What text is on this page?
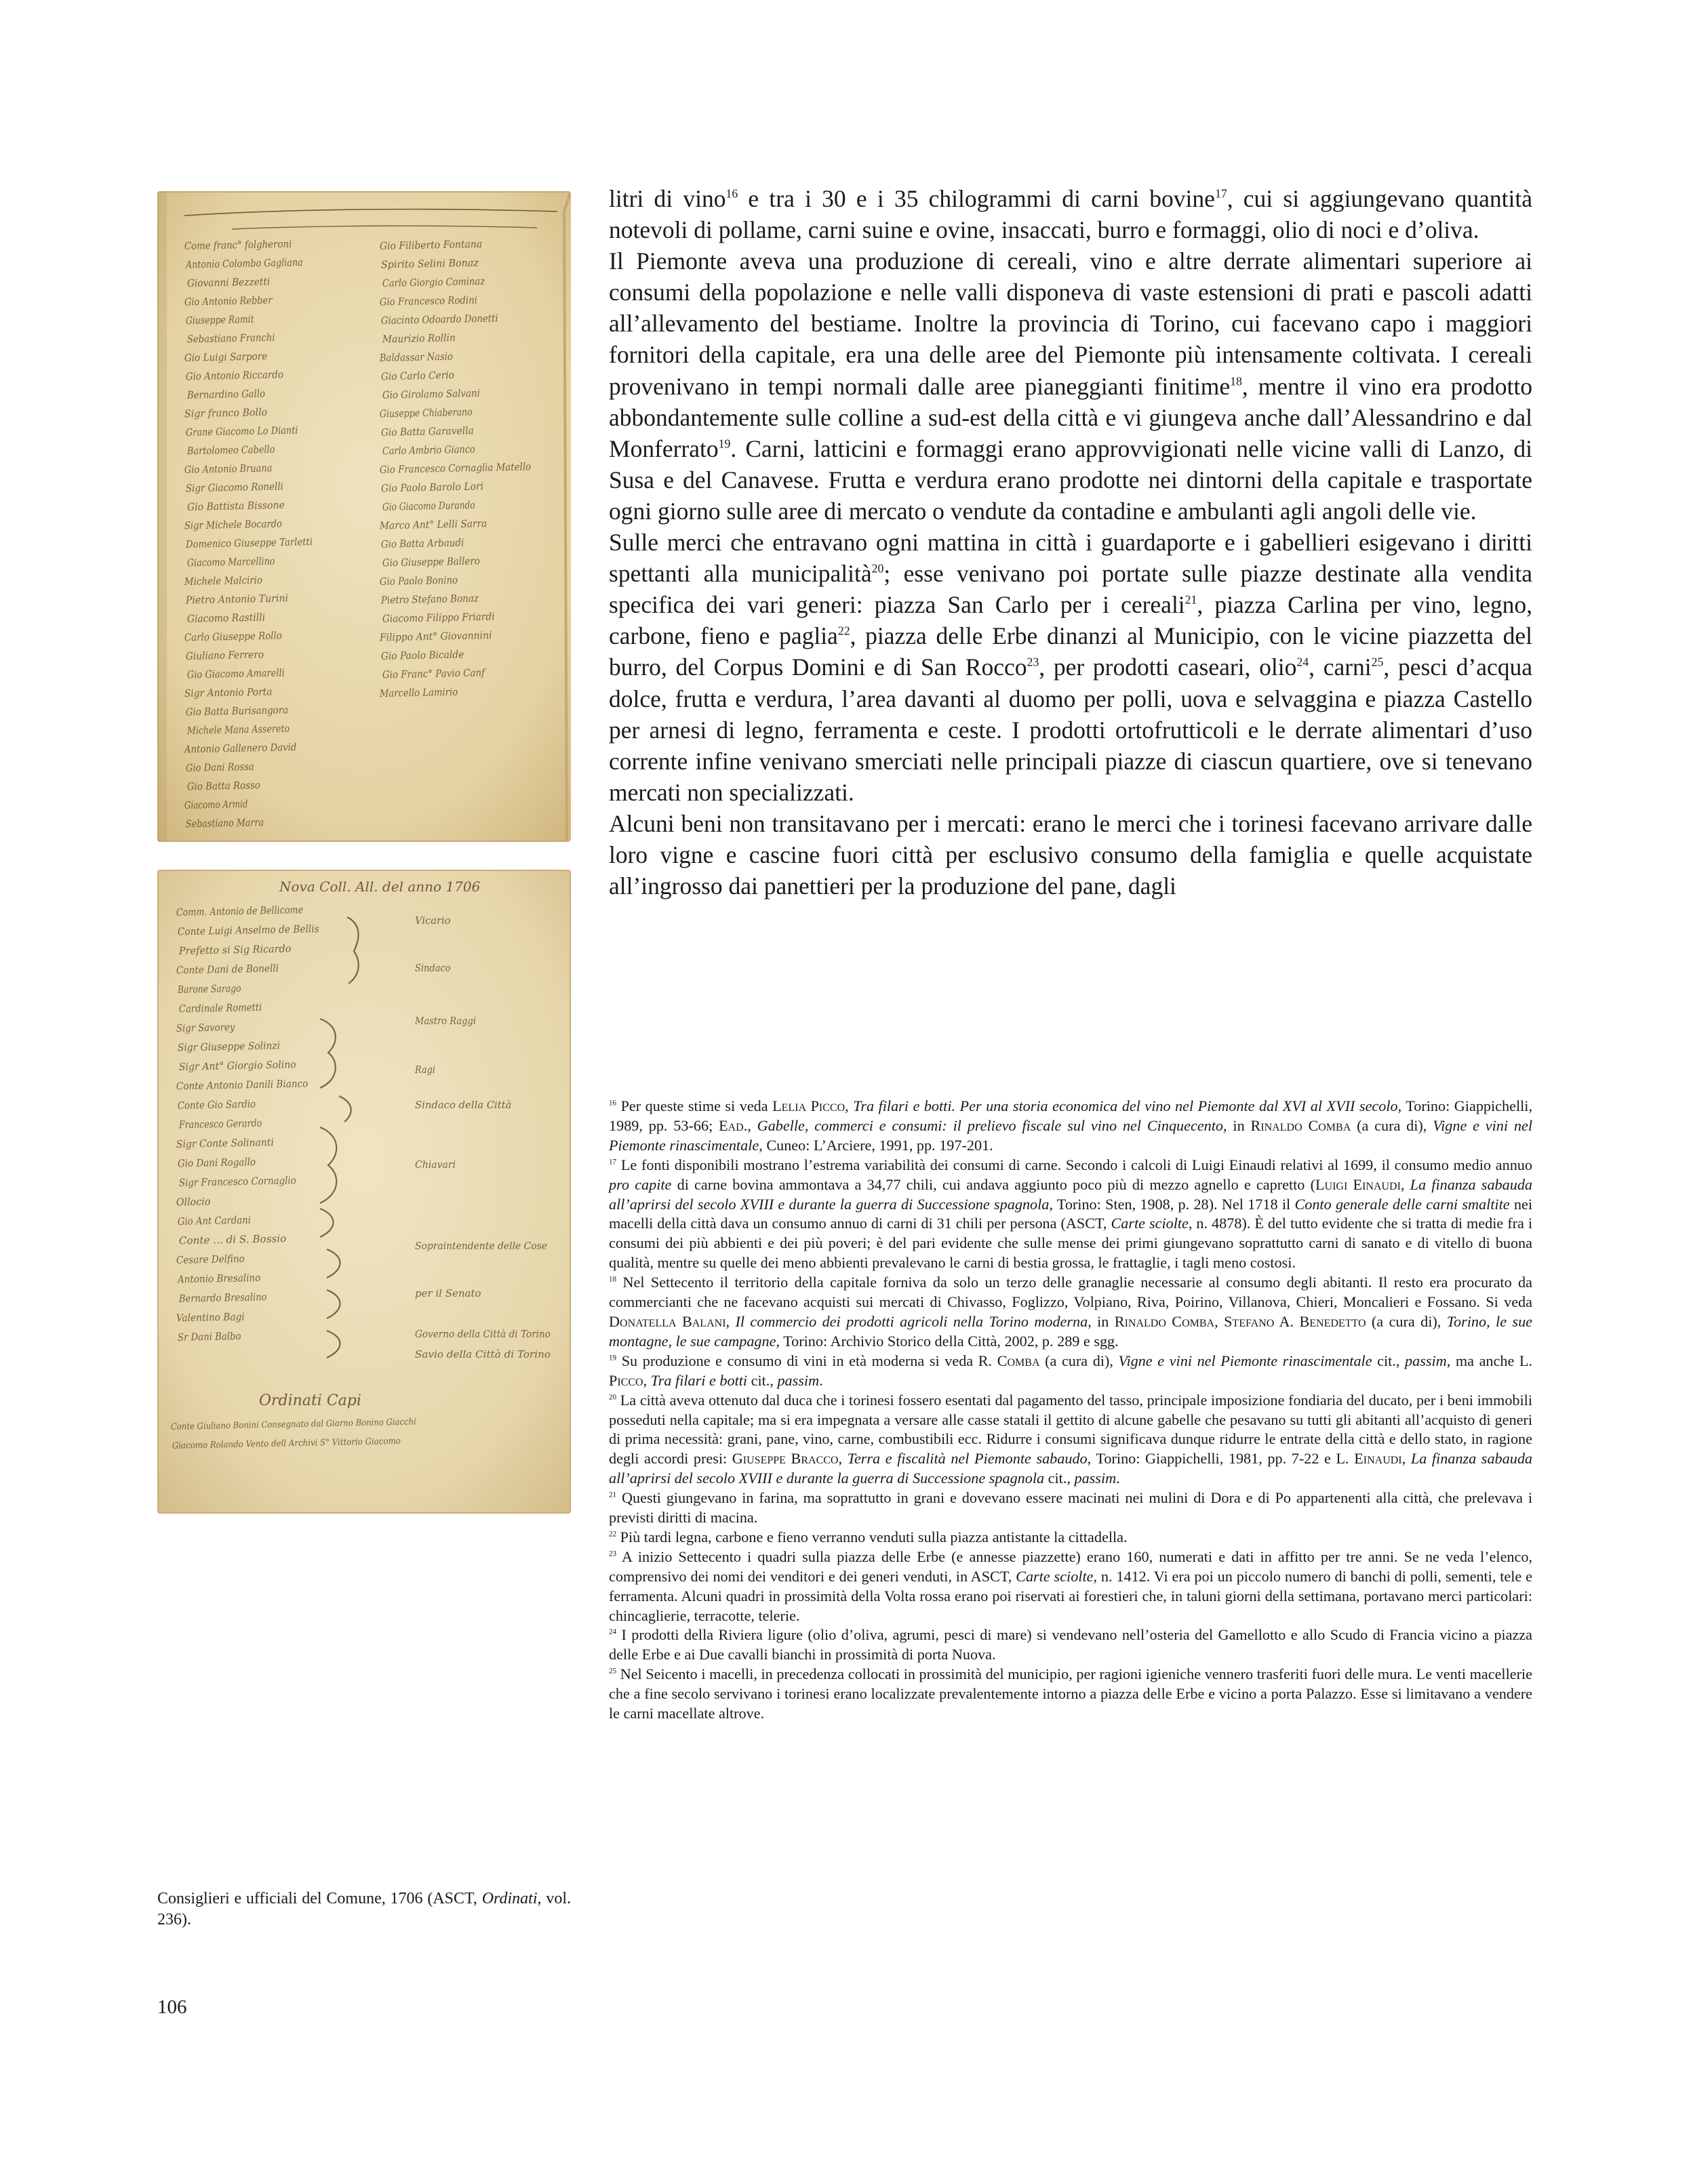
Come franc° folgheroni
Antonio Colombo Gagliana
Giovanni Bezzetti
Gio Antonio Rebber
Giuseppe Ramit
Sebastiano Franchi
Gio Luigi Sarpore
Gio Antonio Riccardo
Bernardino Gallo
Sigr franco Bollo
Grane Giacomo Lo Dianti
Bartolomeo Cabello
Gio Antonio Bruana
Sigr Giacomo Ronelli
Gio Battista Bissone
Sigr Michele Bocardo
Domenico Giuseppe Tarletti
Giacomo Marcellino
Michele Malcirio
Pietro Antonio Turini
Giacomo Rastilli
Carlo Giuseppe Rollo
Giuliano Ferrero
Gio Giacomo Amarelli
Sigr Antonio Porta
Gio Batta Burisangora
Michele Mana Assereto
Antonio Gallenero David
Gio Dani Rossa
Gio Batta Rosso
Giacomo Armid
Sebastiano Marra
Gio Filiberto Fontana
Spirito Selini Bonaz
Carlo Giorgio Cominaz
Gio Francesco Rodini
Giacinto Odoardo Donetti
Maurizio Rollin
Baldassar Nasio
Gio Carlo Cerio
Gio Girolamo Salvani
Giuseppe Chiaberano
Gio Batta Garavella
Carlo Ambrio Gianco
Gio Francesco Cornaglia Matello
Gio Paolo Barolo Lori
Gio Giacomo Durando
Marco Ant° Lelli Sarra
Gio Batta Arbaudi
Gio Giuseppe Ballero
Gio Paolo Bonino
Pietro Stefano Bonaz
Giacomo Filippo Friardi
Filippo Ant° Giovannini
Gio Paolo Bicalde
Gio Franc° Pavio Canf
Marcello Lamirio
Nova Coll. All. del anno 1706
Comm. Antonio de Bellicome
Conte Luigi Anselmo de Bellis
Prefetto si Sig Ricardo
Conte Dani de Bonelli
Barone Sarago
Cardinale Rometti
Sigr Savorey
Sigr Giuseppe Solinzi
Sigr Ant° Giorgio Solino
Conte Antonio Danili Bianco
Conte Gio Sardio
Francesco Gerardo
Sigr Conte Solinanti
Gio Dani Rogallo
Sigr Francesco Cornaglio
Ollocio
Gio Ant Cardani
Conte ... di S. Bossio
Cesare Delfino
Antonio Bresalino
Bernardo Bresalino
Valentino Bagi
Sr Dani Balbo
Vicario
Sindaco
Mastro Raggi
Ragi
Sindaco della Città
Chiavari
Sopraintendente delle Cose
per il Senato
Governo della Città di Torino
Savio della Città di Torino
Ordinati Capi
Conte Giuliano Bonini Consegnato dal Giarno Bonino Giacchi
Giacomo Rolando Vento dell Archivi S° Vittorio Giacomo

litri di vino$^{16}$ e tra i 30 e i 35 chilogrammi di carni bovine$^{17}$, cui si aggiungevano quantità notevoli di pollame, carni suine e ovine, insaccati, burro e formaggi, olio di noci e d’oliva.

Il Piemonte aveva una produzione di cereali, vino e altre derrate alimentari superiore ai consumi della popolazione e nelle valli disponeva di vaste estensioni di prati e pascoli adatti all’allevamento del bestiame. Inoltre la provincia di Torino, cui facevano capo i maggiori fornitori della capitale, era una delle aree del Piemonte più intensamente coltivata. I cereali provenivano in tempi normali dalle aree pianeggianti finitime$^{18}$, mentre il vino era prodotto abbondantemente sulle colline a sud-est della città e vi giungeva anche dall’Alessandrino e dal Monferrato$^{19}$. Carni, latticini e formaggi erano approvvigionati nelle vicine valli di Lanzo, di Susa e del Canavese. Frutta e verdura erano prodotte nei dintorni della capitale e trasportate ogni giorno sulle aree di mercato o vendute da contadine e ambulanti agli angoli delle vie.

Sulle merci che entravano ogni mattina in città i guardaporte e i gabellieri esigevano i diritti spettanti alla municipalità$^{20}$; esse venivano poi portate sulle piazze destinate alla vendita specifica dei vari generi: piazza San Carlo per i cereali$^{21}$, piazza Carlina per vino, legno, carbone, fieno e paglia$^{22}$, piazza delle Erbe dinanzi al Municipio, con le vicine piazzetta del burro, del Corpus Domini e di San Rocco$^{23}$, per prodotti caseari, olio$^{24}$, carni$^{25}$, pesci d’acqua dolce, frutta e verdura, l’area davanti al duomo per polli, uova e selvaggina e piazza Castello per arnesi di legno, ferramenta e ceste. I prodotti ortofrutticoli e le derrate alimentari d’uso corrente infine venivano smerciati nelle principali piazze di ciascun quartiere, ove si tenevano mercati non specializzati.

Alcuni beni non transitavano per i mercati: erano le merci che i torinesi facevano arrivare dalle loro vigne e cascine fuori città per esclusivo consumo della famiglia e quelle acquistate all’ingrosso dai panettieri per la produzione del pane, dagli

$^{16}$ Per queste stime si veda Lelia Picco, Tra filari e botti. Per una storia economica del vino nel Piemonte dal XVI al XVII secolo, Torino: Giappichelli, 1989, pp. 53-66; Ead., Gabelle, commerci e consumi: il prelievo fiscale sul vino nel Cinquecento, in Rinaldo Comba (a cura di), Vigne e vini nel Piemonte rinascimentale, Cuneo: L’Arciere, 1991, pp. 197-201.

$^{17}$ Le fonti disponibili mostrano l’estrema variabilità dei consumi di carne. Secondo i calcoli di Luigi Einaudi relativi al 1699, il consumo medio annuo pro capite di carne bovina ammontava a 34,77 chili, cui andava aggiunto poco più di mezzo agnello e capretto (Luigi Einaudi, La finanza sabauda all’aprirsi del secolo XVIII e durante la guerra di Successione spagnola, Torino: Sten, 1908, p. 28). Nel 1718 il Conto generale delle carni smaltite nei macelli della città dava un consumo annuo di carni di 31 chili per persona (ASCT, Carte sciolte, n. 4878). È del tutto evidente che si tratta di medie fra i consumi dei più abbienti e dei più poveri; è del pari evidente che sulle mense dei primi giungevano soprattutto carni di sanato e di vitello di buona qualità, mentre su quelle dei meno abbienti prevalevano le carni di bestia grossa, le frattaglie, i tagli meno costosi.

$^{18}$ Nel Settecento il territorio della capitale forniva da solo un terzo delle granaglie necessarie al consumo degli abitanti. Il resto era procurato da commercianti che ne facevano acquisti sui mercati di Chivasso, Foglizzo, Volpiano, Riva, Poirino, Villanova, Chieri, Moncalieri e Fossano. Si veda Donatella Balani, Il commercio dei prodotti agricoli nella Torino moderna, in Rinaldo Comba, Stefano A. Benedetto (a cura di), Torino, le sue montagne, le sue campagne, Torino: Archivio Storico della Città, 2002, p. 289 e sgg.

$^{19}$ Su produzione e consumo di vini in età moderna si veda R. Comba (a cura di), Vigne e vini nel Piemonte rinascimentale cit., passim, ma anche L. Picco, Tra filari e botti cit., passim.

$^{20}$ La città aveva ottenuto dal duca che i torinesi fossero esentati dal pagamento del tasso, principale imposizione fondiaria del ducato, per i beni immobili posseduti nella capitale; ma si era impegnata a versare alle casse statali il gettito di alcune gabelle che pesavano su tutti gli abitanti all’acquisto di generi di prima necessità: grani, pane, vino, carne, combustibili ecc. Ridurre i consumi significava dunque ridurre le entrate della città e dello stato, in ragione degli accordi presi: Giuseppe Bracco, Terra e fiscalità nel Piemonte sabaudo, Torino: Giappichelli, 1981, pp. 7-22 e L. Einaudi, La finanza sabauda all’aprirsi del secolo XVIII e durante la guerra di Successione spagnola cit., passim.

$^{21}$ Questi giungevano in farina, ma soprattutto in grani e dovevano essere macinati nei mulini di Dora e di Po appartenenti alla città, che prelevava i previsti diritti di macina.

$^{22}$ Più tardi legna, carbone e fieno verranno venduti sulla piazza antistante la cittadella.

$^{23}$ A inizio Settecento i quadri sulla piazza delle Erbe (e annesse piazzette) erano 160, numerati e dati in affitto per tre anni. Se ne veda l’elenco, comprensivo dei nomi dei venditori e dei generi venduti, in ASCT, Carte sciolte, n. 1412. Vi era poi un piccolo numero di banchi di polli, sementi, tele e ferramenta. Alcuni quadri in prossimità della Volta rossa erano poi riservati ai forestieri che, in taluni giorni della settimana, portavano merci particolari: chincaglierie, terracotte, telerie.

$^{24}$ I prodotti della Riviera ligure (olio d’oliva, agrumi, pesci di mare) si vendevano nell’osteria del Gamellotto e allo Scudo di Francia vicino a piazza delle Erbe e ai Due cavalli bianchi in prossimità di porta Nuova.

$^{25}$ Nel Seicento i macelli, in precedenza collocati in prossimità del municipio, per ragioni igieniche vennero trasferiti fuori delle mura. Le venti macellerie che a fine secolo servivano i torinesi erano localizzate prevalentemente intorno a piazza delle Erbe e vicino a porta Palazzo. Esse si limitavano a vendere le carni macellate altrove.

Consiglieri e ufficiali del Comune, 1706 (ASCT, Ordinati, vol. 236).
106
